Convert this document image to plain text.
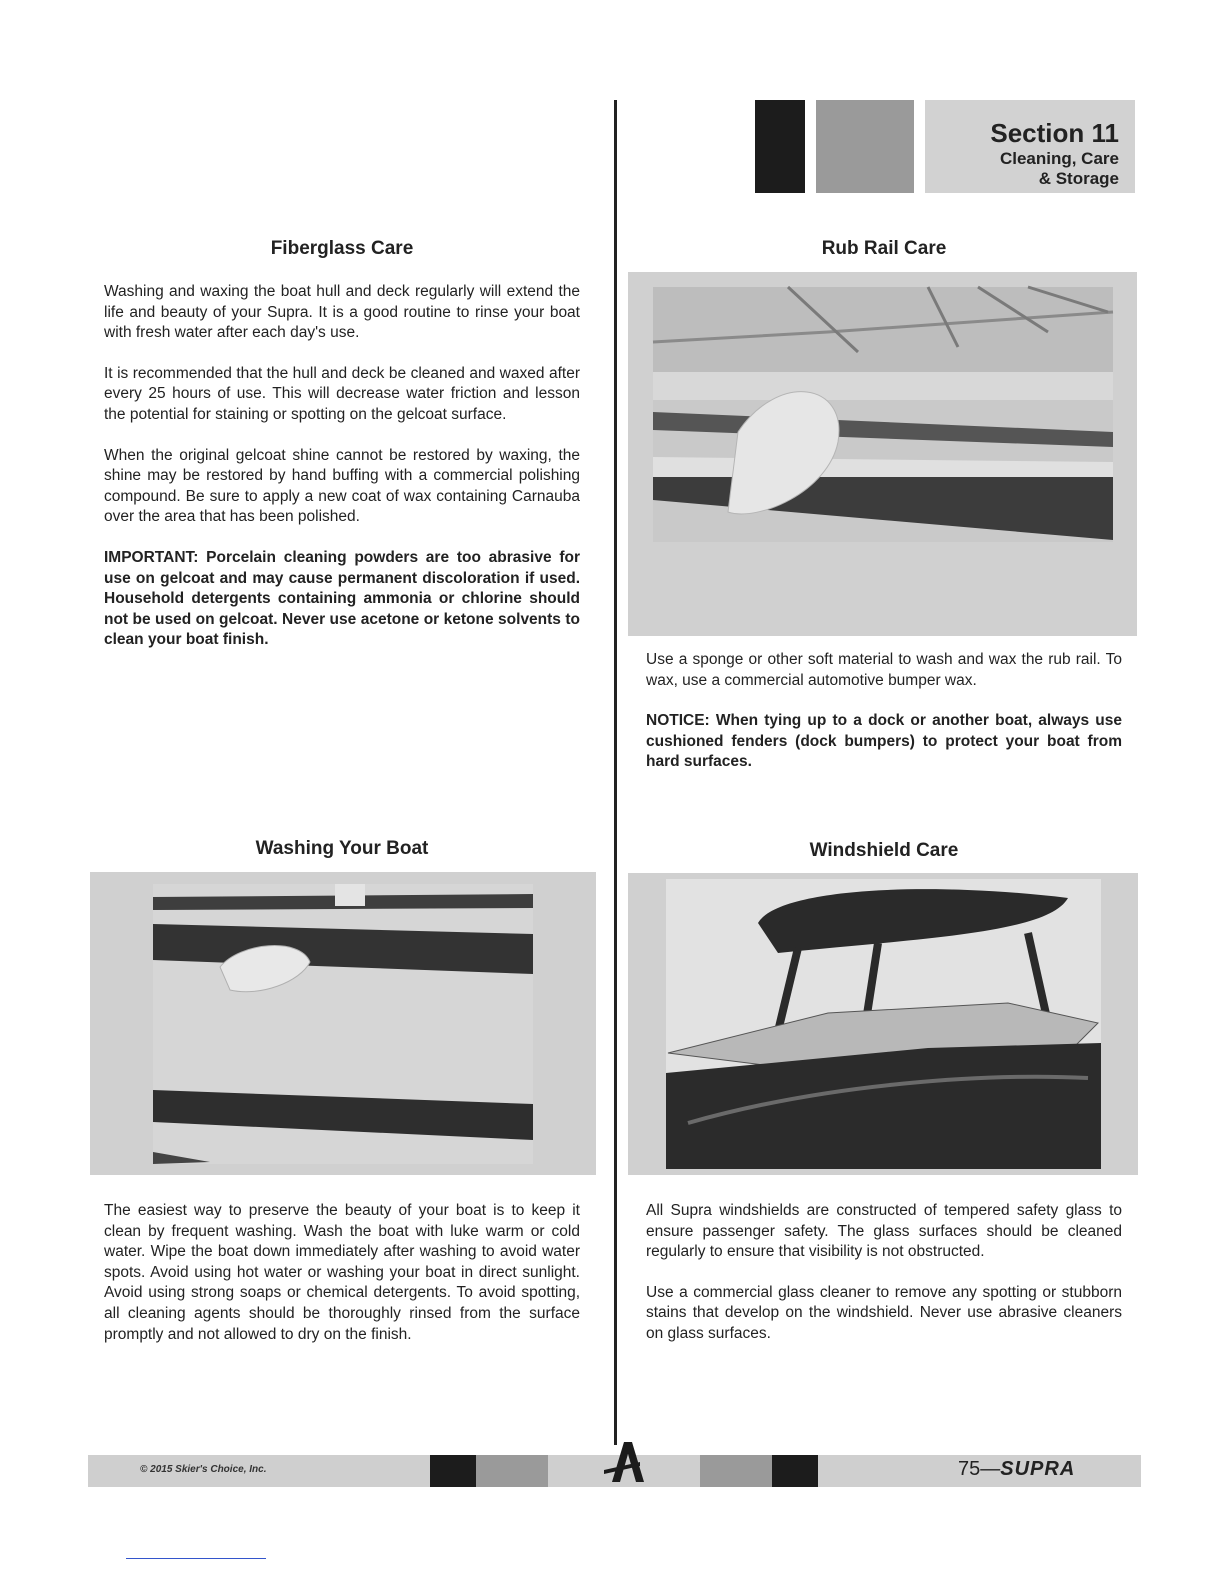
Section 11
Cleaning, Care
& Storage
Fiberglass Care

Washing and waxing the boat hull and deck regularly will extend the life and beauty of your Supra. It is a good routine to rinse your boat with fresh water after each day's use.

It is recommended that the hull and deck be cleaned and waxed after every 25 hours of use. This will decrease water friction and lesson the potential for staining or spotting on the gelcoat surface.

When the original gelcoat shine cannot be restored by waxing, the shine may be restored by hand buffing with a commercial polishing compound. Be sure to apply a new coat of wax containing Carnauba over the area that has been polished.

IMPORTANT: Porcelain cleaning powders are too abrasive for use on gelcoat and may cause permanent discoloration if used. Household detergents containing ammonia or chlorine should not be used on gelcoat. Never use acetone or ketone solvents to clean your boat finish.

Rub Rail Care

Use a sponge or other soft material to wash and wax the rub rail. To wax, use a commercial automotive bumper wax.

NOTICE: When tying up to a dock or another boat, always use cushioned fenders (dock bumpers) to protect your boat from hard surfaces.

Washing Your Boat

The easiest way to preserve the beauty of your boat is to keep it clean by frequent washing. Wash the boat with luke warm or cold water. Wipe the boat down immediately after washing to avoid water spots. Avoid using hot water or washing your boat in direct sunlight. Avoid using strong soaps or chemical detergents. To avoid spotting, all cleaning agents should be thoroughly rinsed from the surface promptly and not allowed to dry on the finish.

Windshield Care

All Supra windshields are constructed of tempered safety glass to ensure passenger safety. The glass surfaces should be cleaned regularly to ensure that visibility is not obstructed.

Use a commercial glass cleaner to remove any spotting or stubborn stains that develop on the windshield. Never use abrasive cleaners on glass surfaces.

© 2015 Skier's Choice, Inc.	75—SUPRA
